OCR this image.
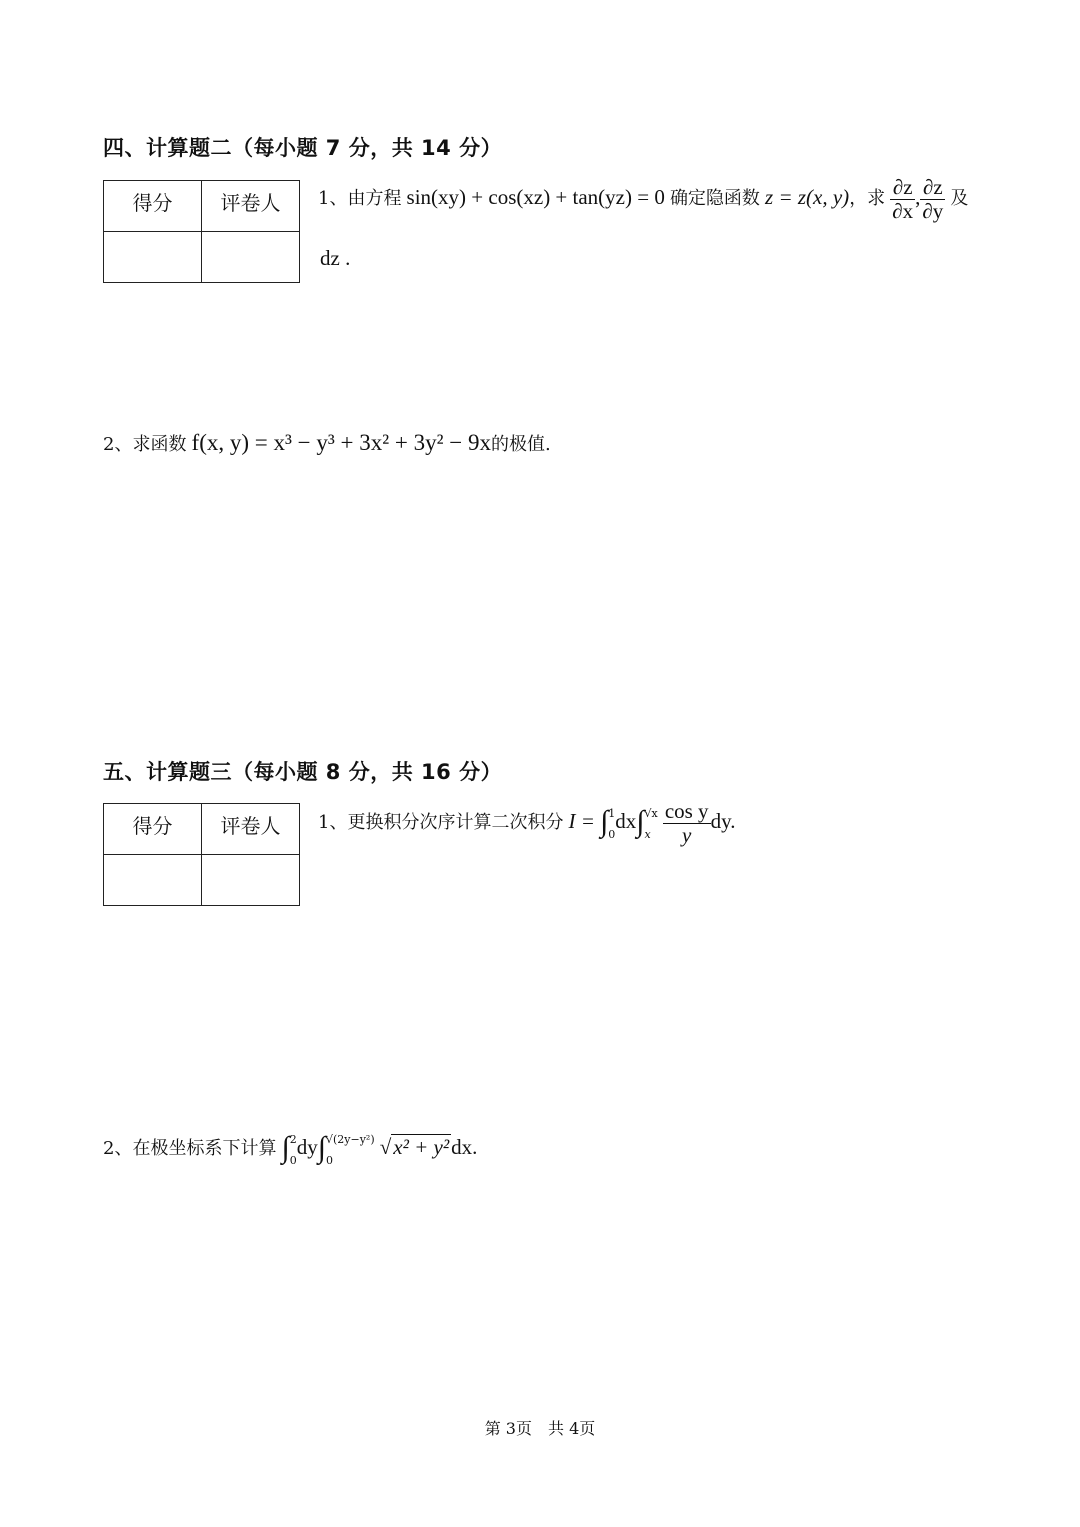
四、计算题二（每小题 7 分，共 14 分）
得分	评卷人
	1、由方程 sin(xy) + cos(xz) + tan(yz) = 0 确定隐函数 z = z(x, y)，求 $\frac{\partial z}{\partial x}$ , $\frac{\partial z}{\partial y}$ 及
dz .
2、求函数 f(x, y) = x³ − y³ + 3x² + 3y² − 9x的极值.
五、计算题三（每小题 8 分，共 16 分）
得分	评卷人
	1、更换积分次序计算二次积分 I = ∫ 1
0
dx∫ √x
x
$\frac{\text{cos y}}{y}$ dy.
2、在极坐标系下计算 ∫ 2
0
dy∫ √(2y−y²)
0
√x² + y²dx.
第 3页　共 4页
